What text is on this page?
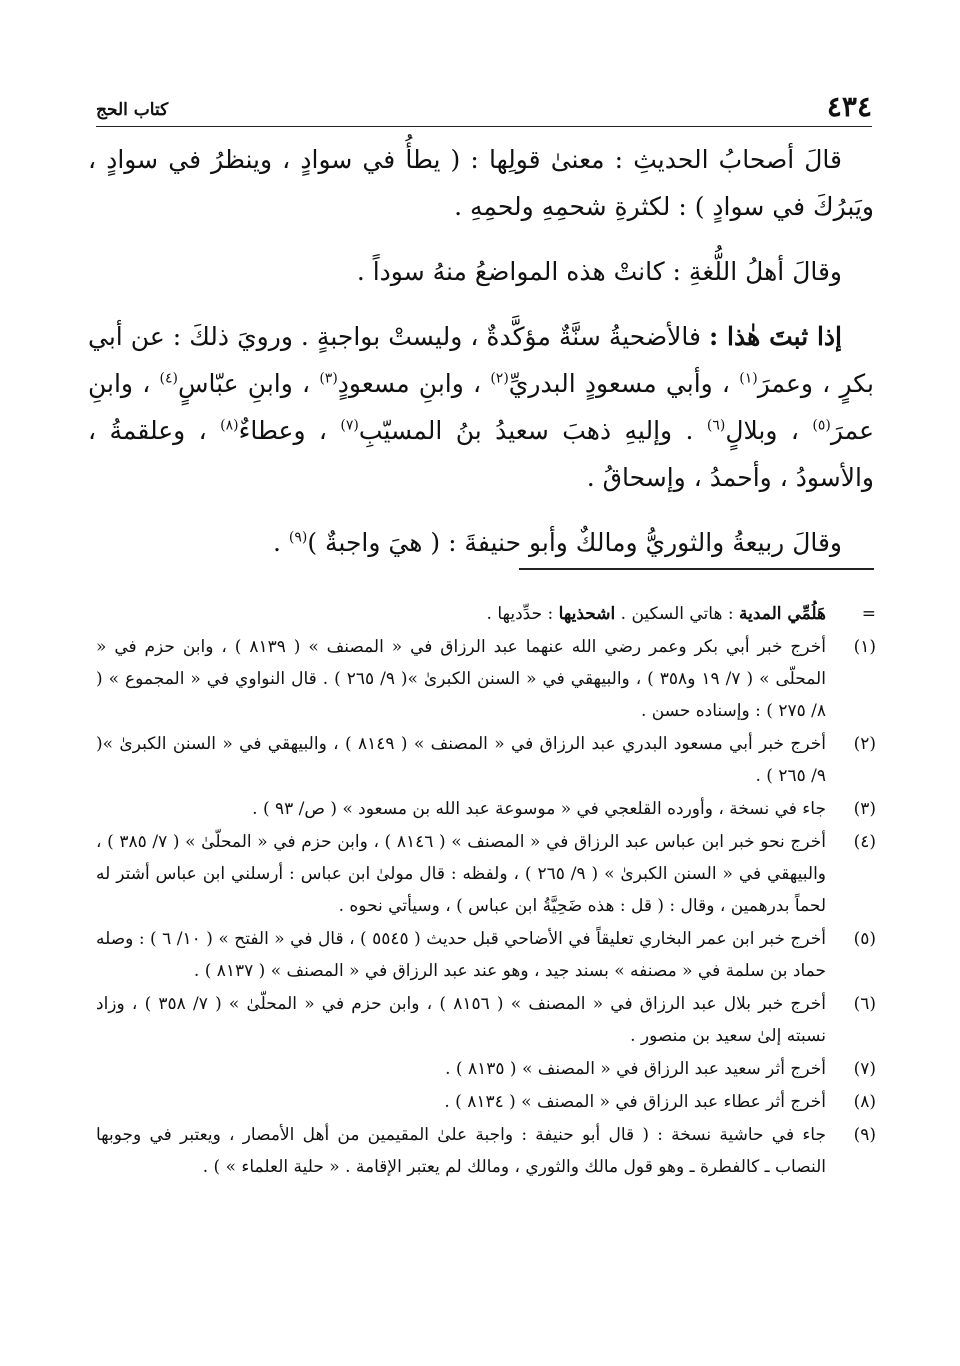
٤٣٤
كتاب الحج

قالَ أصحابُ الحديثِ : معنىٰ قولِها : ( يطأُ في سوادٍ ، وينظرُ في سوادٍ ، ويَبرُكَ في سوادٍ ) : لكثرةِ شحمِهِ ولحمِهِ .

وقالَ أهلُ اللُّغةِ : كانتْ هذه المواضعُ منهُ سوداً .

إذا ثبتَ هٰذا : فالأضحيةُ سنَّةٌ مؤكَّدةٌ ، وليستْ بواجبةٍ . ورويَ ذلكَ : عن أبي بكرٍ ، وعمرَ$^{(١)}$ ، وأبي مسعودٍ البدريِّ$^{(٢)}$ ، وابنِ مسعودٍ$^{(٣)}$ ، وابنِ عبّاسٍ$^{(٤)}$ ، وابنِ عمرَ$^{(٥)}$ ، وبلالٍ$^{(٦)}$ . وإليهِ ذهبَ سعيدُ بنُ المسيّبِ$^{(٧)}$ ، وعطاءٌ$^{(٨)}$ ، وعلقمةُ ، والأسودُ ، وأحمدُ ، وإسحاقُ .

وقالَ ربيعةُ والثوريُّ ومالكٌ وأبو حنيفةَ : ( هيَ واجبةٌ )$^{(٩)}$ .

=
هَلُمِّي المدية : هاتي السكين . اشحذيها : حدِّديها .
(١)
أخرج خبر أبي بكر وعمر رضي الله عنهما عبد الرزاق في « المصنف » ( ٨١٣٩ ) ، وابن حزم في « المحلّى » ( ٧/ ١٩ و٣٥٨ ) ، والبيهقي في « السنن الكبرىٰ »( ٩/ ٢٦٥ ) . قال النواوي في « المجموع » ( ٨/ ٢٧٥ ) : وإسناده حسن .
(٢)
أخرج خبر أبي مسعود البدري عبد الرزاق في « المصنف » ( ٨١٤٩ ) ، والبيهقي في « السنن الكبرىٰ »( ٩/ ٢٦٥ ) .
(٣)
جاء في نسخة ، وأورده القلعجي في « موسوعة عبد الله بن مسعود » ( ص/ ٩٣ ) .
(٤)
أخرج نحو خبر ابن عباس عبد الرزاق في « المصنف » ( ٨١٤٦ ) ، وابن حزم في « المحلّىٰ » ( ٧/ ٣٨٥ ) ، والبيهقي في « السنن الكبرىٰ » ( ٩/ ٢٦٥ ) ، ولفظه : قال مولىٰ ابن عباس : أرسلني ابن عباس أشتر له لحماً بدرهمين ، وقال : ( قل : هذه ضَحِيَّةُ ابن عباس ) ، وسيأتي نحوه .
(٥)
أخرج خبر ابن عمر البخاري تعليقاً في الأضاحي قبل حديث ( ٥٥٤٥ ) ، قال في « الفتح » ( ١٠/ ٦ ) : وصله حماد بن سلمة في « مصنفه » بسند جيد ، وهو عند عبد الرزاق في « المصنف » ( ٨١٣٧ ) .
(٦)
أخرج خبر بلال عبد الرزاق في « المصنف » ( ٨١٥٦ ) ، وابن حزم في « المحلّىٰ » ( ٧/ ٣٥٨ ) ، وزاد نسبته إلىٰ سعيد بن منصور .
(٧)
أخرج أثر سعيد عبد الرزاق في « المصنف » ( ٨١٣٥ ) .
(٨)
أخرج أثر عطاء عبد الرزاق في « المصنف » ( ٨١٣٤ ) .
(٩)
جاء في حاشية نسخة : ( قال أبو حنيفة : واجبة علىٰ المقيمين من أهل الأمصار ، ويعتبر في وجوبها النصاب ـ كالفطرة ـ وهو قول مالك والثوري ، ومالك لم يعتبر الإقامة . « حلية العلماء » ) .
